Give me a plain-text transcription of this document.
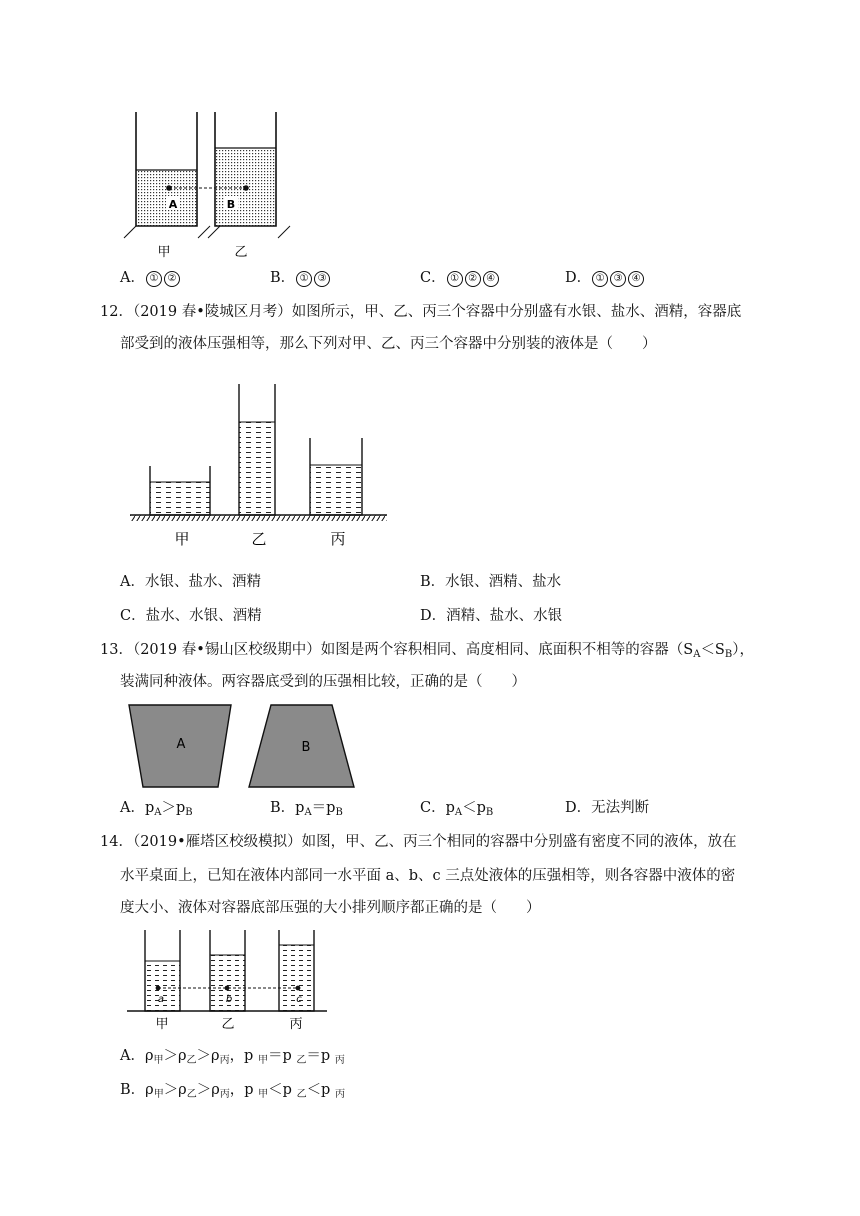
A	B
甲	乙
A． ① ②	B． ① ③	C． ① ② ④	D． ① ③ ④
12．（2019 春•陵城区月考）如图所示，甲、乙、丙三个容器中分别盛有水银、盐水、酒精，容器底
部受到的液体压强相等，那么下列对甲、乙、丙三个容器中分别装的液体是（　　）
甲	乙	丙
A．水银、盐水、酒精	B．水银、酒精、盐水
C．盐水、水银、酒精	D．酒精、盐水、水银
13．（2019 春•锡山区校级期中）如图是两个容积相同、高度相同、底面积不相等的容器$(S_A<S_B)$，
装满同种液体。两容器底受到的压强相比较，正确的是（　　）
A	B
A．$p_A>p_B$	B．$p_A=p_B$	C．$p_A<p_B$	D．无法判断
14．（2019•雁塔区校级模拟）如图，甲、乙、丙三个相同的容器中分别盛有密度不同的液体，放在
水平桌面上，已知在液体内部同一水平面 a、b、c 三点处液体的压强相等，则各容器中液体的密
度大小、液体对容器底部压强的大小排列顺序都正确的是（　　）
a	b	c
甲	乙	丙
A．$\rho_甲>\rho_乙>\rho_丙$，p $_甲$＝p $_乙$＝p $_丙$
B．$\rho_甲>\rho_乙>\rho_丙$，p $_甲$＜p $_乙$＜p $_丙$
